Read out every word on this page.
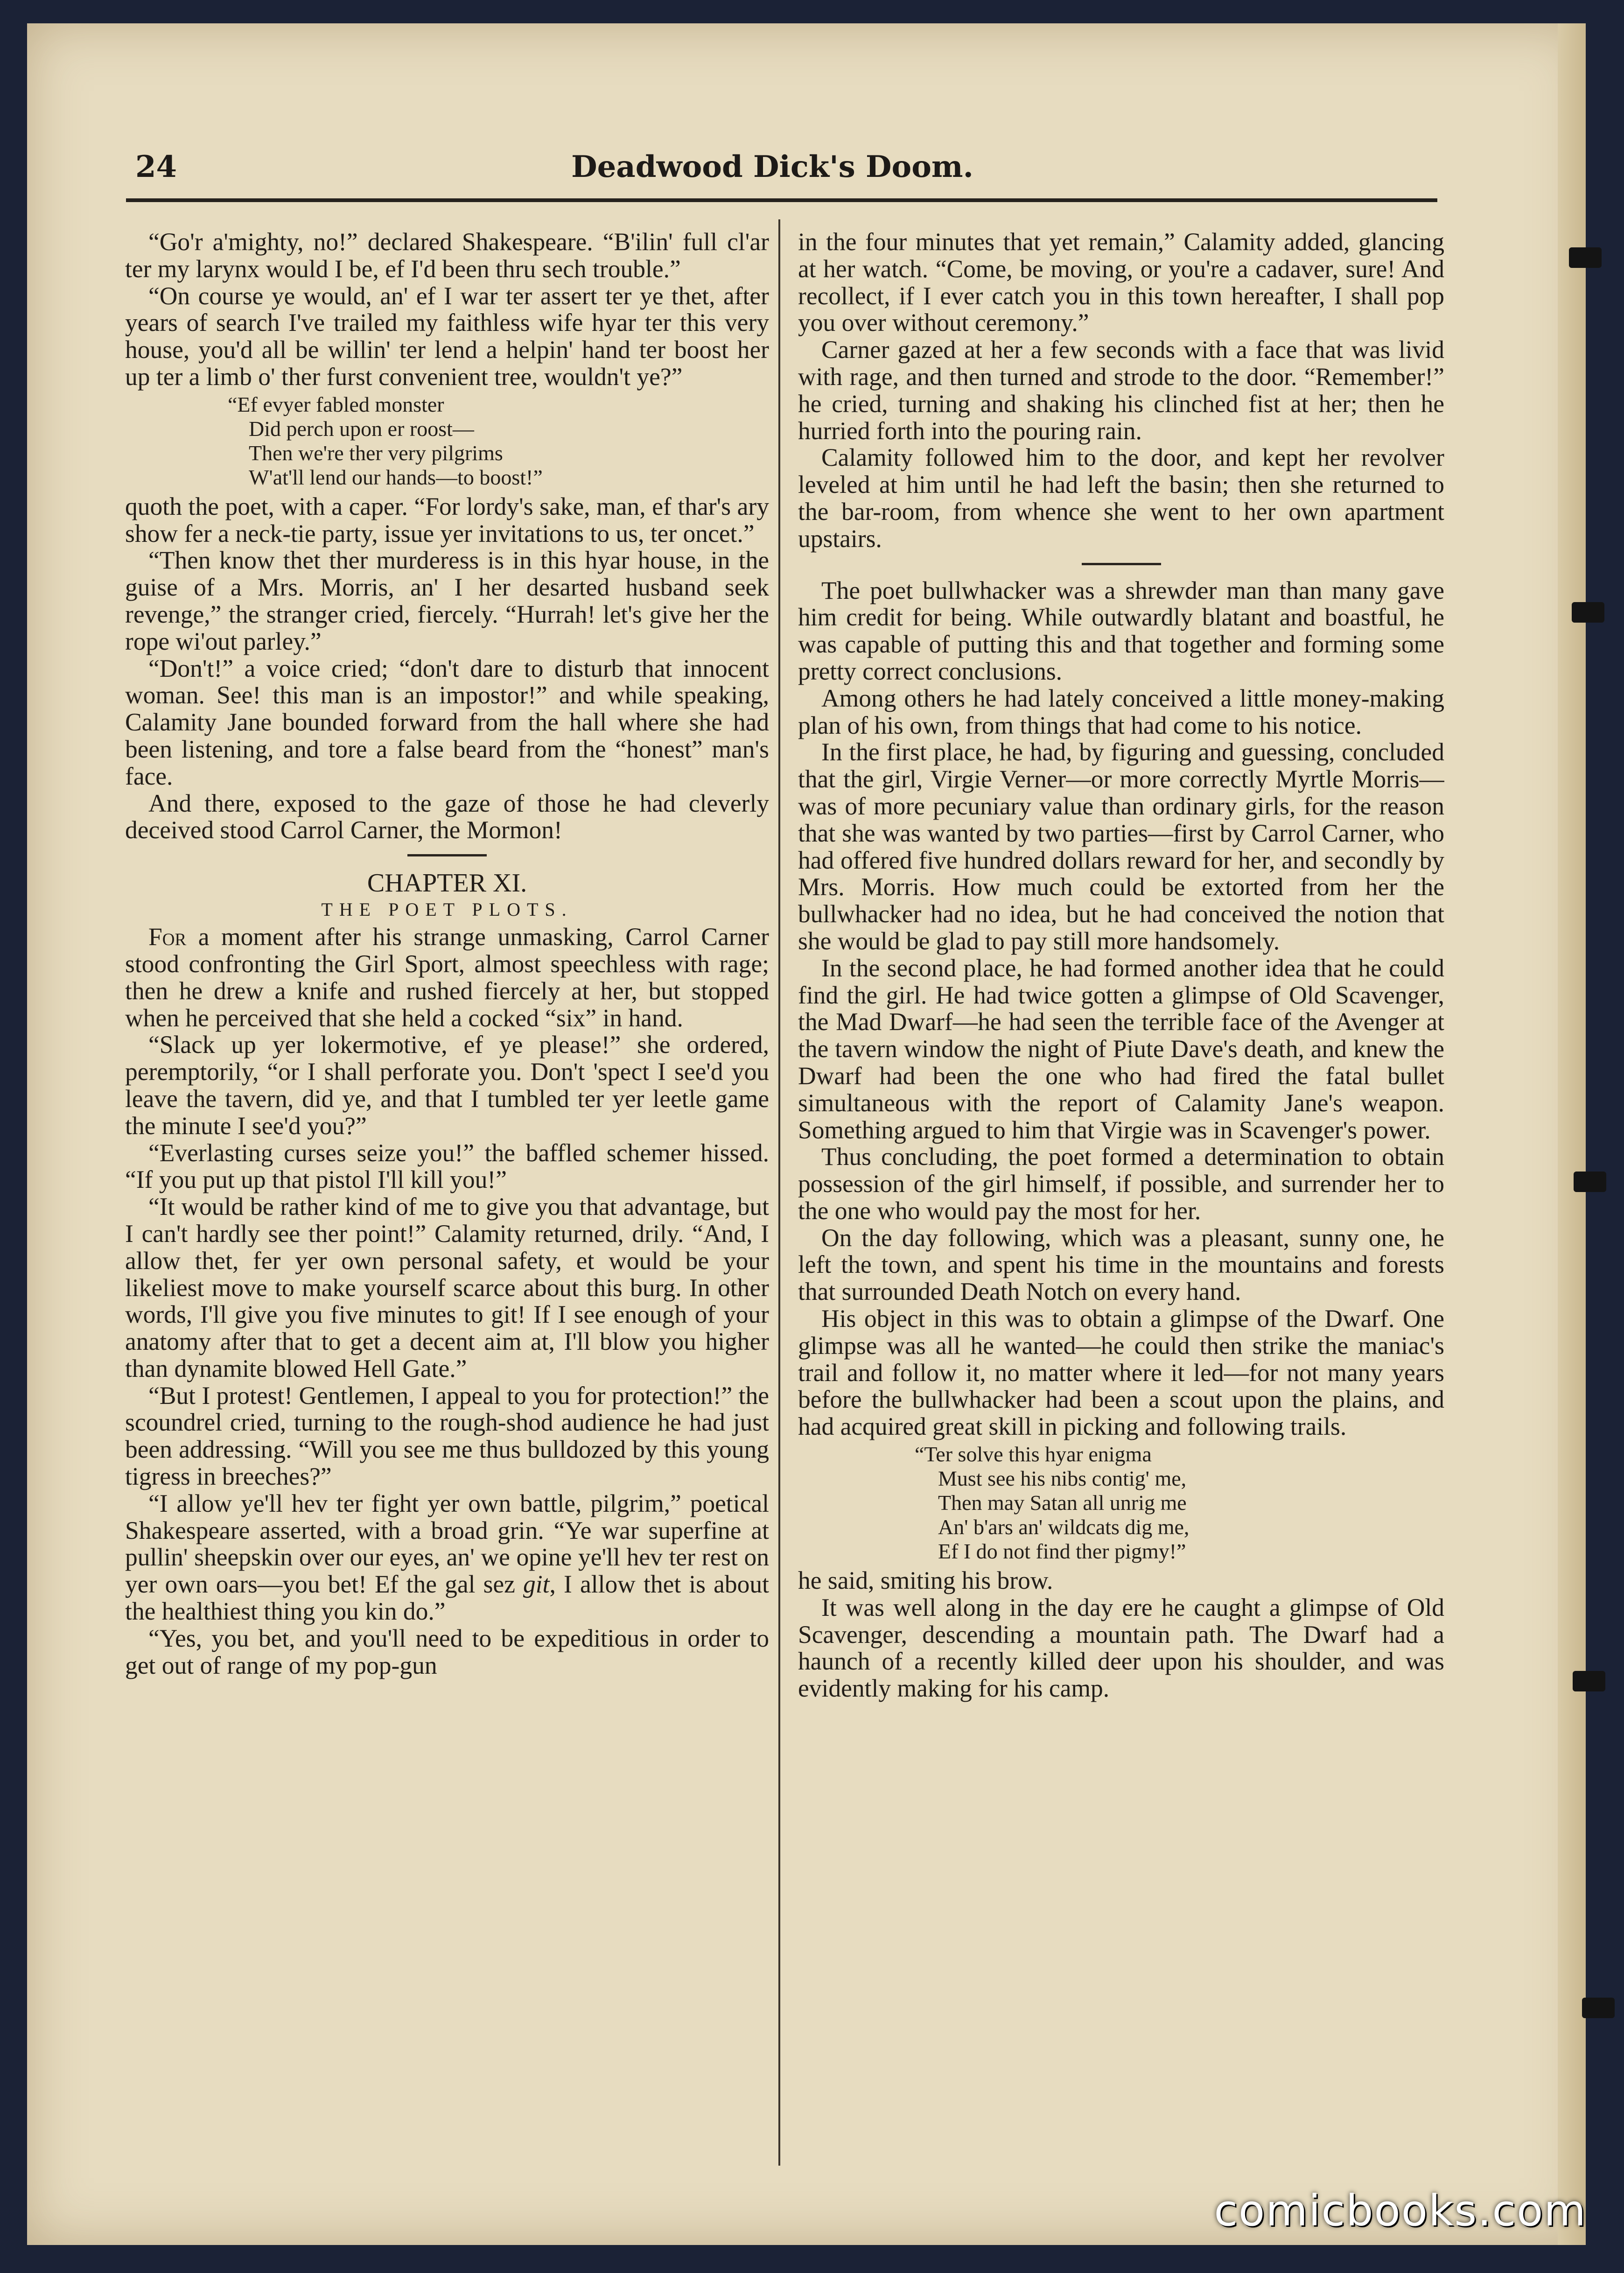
24	Deadwood Dick's Doom.

“Go'r a'mighty, no!” declared Shakespeare. “B'ilin' full cl'ar ter my larynx would I be, ef I'd been thru sech trouble.”

“On course ye would, an' ef I war ter assert ter ye thet, after years of search I've trailed my faithless wife hyar ter this very house, you'd all be willin' ter lend a helpin' hand ter boost her up ter a limb o' ther furst convenient tree, wouldn't ye?”

“Ef evyer fabled monster
Did perch upon er roost—
Then we're ther very pilgrims
W'at'll lend our hands—to boost!”

quoth the poet, with a caper. “For lordy's sake, man, ef thar's ary show fer a neck-tie party, issue yer invitations to us, ter oncet.”

“Then know thet ther murderess is in this hyar house, in the guise of a Mrs. Morris, an' I her desarted husband seek revenge,” the stranger cried, fiercely. “Hurrah! let's give her the rope wi'out parley.”

“Don't!” a voice cried; “don't dare to disturb that innocent woman. See! this man is an impostor!” and while speaking, Calamity Jane bounded forward from the hall where she had been listening, and tore a false beard from the “honest” man's face.

And there, exposed to the gaze of those he had cleverly deceived stood Carrol Carner, the Mormon!

CHAPTER XI.
THE POET PLOTS.

For a moment after his strange unmasking, Carrol Carner stood confronting the Girl Sport, almost speechless with rage; then he drew a knife and rushed fiercely at her, but stopped when he perceived that she held a cocked “six” in hand.

“Slack up yer lokermotive, ef ye please!” she ordered, peremptorily, “or I shall perforate you. Don't 'spect I see'd you leave the tavern, did ye, and that I tumbled ter yer leetle game the minute I see'd you?”

“Everlasting curses seize you!” the baffled schemer hissed. “If you put up that pistol I'll kill you!”

“It would be rather kind of me to give you that advantage, but I can't hardly see ther point!” Calamity returned, drily. “And, I allow thet, fer yer own personal safety, et would be your likeliest move to make yourself scarce about this burg. In other words, I'll give you five minutes to git! If I see enough of your anatomy after that to get a decent aim at, I'll blow you higher than dynamite blowed Hell Gate.”

“But I protest! Gentlemen, I appeal to you for protection!” the scoundrel cried, turning to the rough-shod audience he had just been addressing. “Will you see me thus bulldozed by this young tigress in breeches?”

“I allow ye'll hev ter fight yer own battle, pilgrim,” poetical Shakespeare asserted, with a broad grin. “Ye war superfine at pullin' sheepskin over our eyes, an' we opine ye'll hev ter rest on yer own oars—you bet! Ef the gal sez git, I allow thet is about the healthiest thing you kin do.”

“Yes, you bet, and you'll need to be expeditious in order to get out of range of my pop-gun

in the four minutes that yet remain,” Calamity added, glancing at her watch. “Come, be moving, or you're a cadaver, sure! And recollect, if I ever catch you in this town hereafter, I shall pop you over without ceremony.”

Carner gazed at her a few seconds with a face that was livid with rage, and then turned and strode to the door. “Remember!” he cried, turning and shaking his clinched fist at her; then he hurried forth into the pouring rain.

Calamity followed him to the door, and kept her revolver leveled at him until he had left the basin; then she returned to the bar-room, from whence she went to her own apartment upstairs.

The poet bullwhacker was a shrewder man than many gave him credit for being. While outwardly blatant and boastful, he was capable of putting this and that together and forming some pretty correct conclusions.

Among others he had lately conceived a little money-making plan of his own, from things that had come to his notice.

In the first place, he had, by figuring and guessing, concluded that the girl, Virgie Verner—or more correctly Myrtle Morris—was of more pecuniary value than ordinary girls, for the reason that she was wanted by two parties—first by Carrol Carner, who had offered five hundred dollars reward for her, and secondly by Mrs. Morris. How much could be extorted from her the bullwhacker had no idea, but he had conceived the notion that she would be glad to pay still more handsomely.

In the second place, he had formed another idea that he could find the girl. He had twice gotten a glimpse of Old Scavenger, the Mad Dwarf—he had seen the terrible face of the Avenger at the tavern window the night of Piute Dave's death, and knew the Dwarf had been the one who had fired the fatal bullet simultaneous with the report of Calamity Jane's weapon. Something argued to him that Virgie was in Scavenger's power.

Thus concluding, the poet formed a determination to obtain possession of the girl himself, if possible, and surrender her to the one who would pay the most for her.

On the day following, which was a pleasant, sunny one, he left the town, and spent his time in the mountains and forests that surrounded Death Notch on every hand.

His object in this was to obtain a glimpse of the Dwarf. One glimpse was all he wanted—he could then strike the maniac's trail and follow it, no matter where it led—for not many years before the bullwhacker had been a scout upon the plains, and had acquired great skill in picking and following trails.

“Ter solve this hyar enigma
Must see his nibs contig' me,
Then may Satan all unrig me
An' b'ars an' wildcats dig me,
Ef I do not find ther pigmy!”

he said, smiting his brow.

It was well along in the day ere he caught a glimpse of Old Scavenger, descending a mountain path. The Dwarf had a haunch of a recently killed deer upon his shoulder, and was evidently making for his camp.

comicbooks.com
